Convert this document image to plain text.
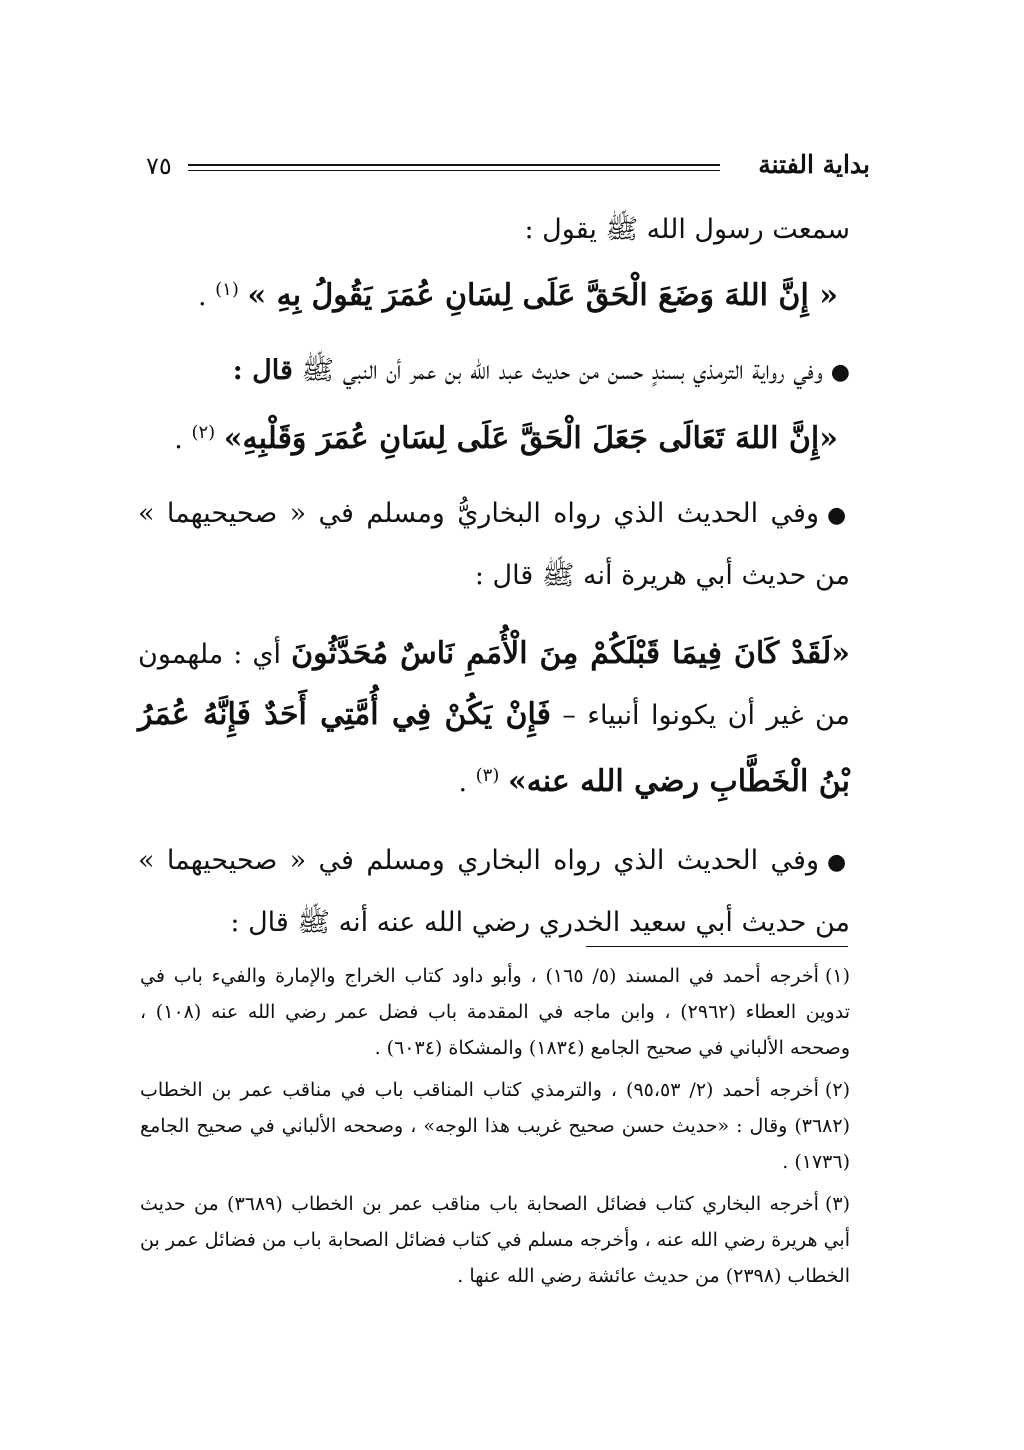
بداية الفتنة
٧٥

سمعت رسول الله ﷺ يقول :

« إِنَّ اللهَ وَضَعَ الْحَقَّ عَلَى لِسَانِ عُمَرَ يَقُولُ بِهِ » $^{(١)}$ .

●وفي رواية الترمذي بسندٍ حسن من حديث عبد الله بن عمر أن النبي ﷺ قال :

«إِنَّ اللهَ تَعَالَى جَعَلَ الْحَقَّ عَلَى لِسَانِ عُمَرَ وَقَلْبِهِ» $^{(٢)}$ .

●وفي الحديث الذي رواه البخاريُّ ومسلم في « صحيحيهما » من حديث أبي هريرة أنه ﷺ قال :

«لَقَدْ كَانَ فِيمَا قَبْلَكُمْ مِنَ الْأُمَمِ نَاسٌ مُحَدَّثُونَ أي : ملهمون من غير أن يكونوا أنبياء – فَإِنْ يَكُنْ فِي أُمَّتِي أَحَدٌ فَإِنَّهُ عُمَرُ بْنُ الْخَطَّابِ رضي الله عنه» $^{(٣)}$ .

●وفي الحديث الذي رواه البخاري ومسلم في « صحيحيهما » من حديث أبي سعيد الخدري رضي الله عنه أنه ﷺ قال :

(١)أخرجه أحمد في المسند (٥/ ١٦٥) ، وأبو داود كتاب الخراج والإمارة والفيء باب في تدوين العطاء (٢٩٦٢) ، وابن ماجه في المقدمة باب فضل عمر رضي الله عنه (١٠٨) ، وصححه الألباني في صحيح الجامع (١٨٣٤) والمشكاة (٦٠٣٤) .

(٢)أخرجه أحمد (٢/ ٩٥،٥٣) ، والترمذي كتاب المناقب باب في مناقب عمر بن الخطاب (٣٦٨٢) وقال : «حديث حسن صحيح غريب هذا الوجه» ، وصححه الألباني في صحيح الجامع (١٧٣٦) .

(٣)أخرجه البخاري كتاب فضائل الصحابة باب مناقب عمر بن الخطاب (٣٦٨٩) من حديث أبي هريرة رضي الله عنه ، وأخرجه مسلم في كتاب فضائل الصحابة باب من فضائل عمر بن الخطاب (٢٣٩٨) من حديث عائشة رضي الله عنها .
